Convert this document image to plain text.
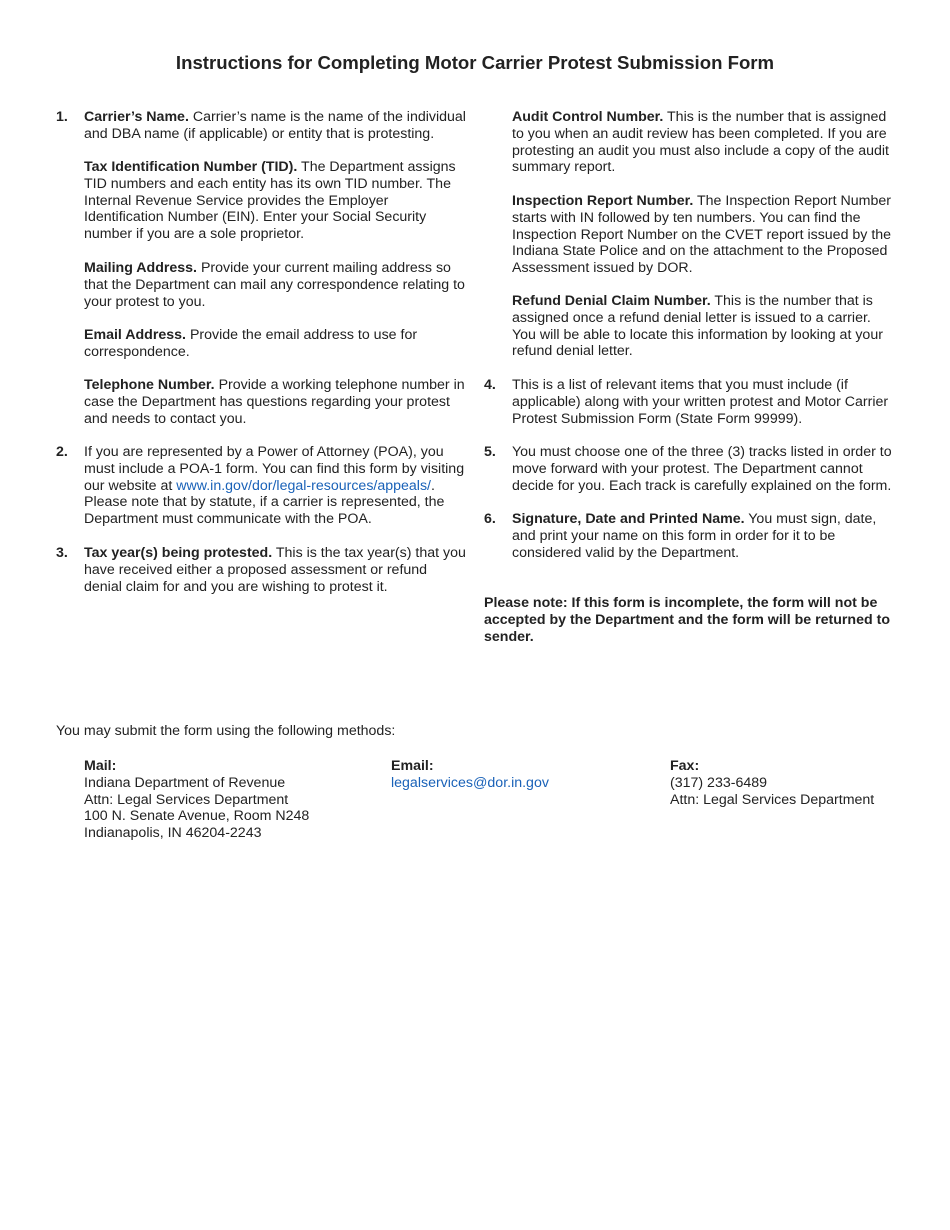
Instructions for Completing Motor Carrier Protest Submission Form
1. Carrier’s Name. Carrier’s name is the name of the individual and DBA name (if applicable) or entity that is protesting.

Tax Identification Number (TID). The Department assigns TID numbers and each entity has its own TID number. The Internal Revenue Service provides the Employer Identification Number (EIN). Enter your Social Security number if you are a sole proprietor.

Mailing Address. Provide your current mailing address so that the Department can mail any correspondence relating to your protest to you.

Email Address. Provide the email address to use for correspondence.

Telephone Number. Provide a working telephone number in case the Department has questions regarding your protest and needs to contact you.

2. If you are represented by a Power of Attorney (POA), you must include a POA-1 form. You can find this form by visiting our website at www.in.gov/dor/legal-resources/appeals/. Please note that by statute, if a carrier is represented, the Department must communicate with the POA.

3. Tax year(s) being protested. This is the tax year(s) that you have received either a proposed assessment or refund denial claim for and you are wishing to protest it.

Audit Control Number. This is the number that is assigned to you when an audit review has been completed. If you are protesting an audit you must also include a copy of the audit summary report.

Inspection Report Number. The Inspection Report Number starts with IN followed by ten numbers. You can find the Inspection Report Number on the CVET report issued by the Indiana State Police and on the attachment to the Proposed Assessment issued by DOR.

Refund Denial Claim Number. This is the number that is assigned once a refund denial letter is issued to a carrier. You will be able to locate this information by looking at your refund denial letter.

4. This is a list of relevant items that you must include (if applicable) along with your written protest and Motor Carrier Protest Submission Form (State Form 99999).

5. You must choose one of the three (3) tracks listed in order to move forward with your protest. The Department cannot decide for you. Each track is carefully explained on the form.

6. Signature, Date and Printed Name. You must sign, date, and print your name on this form in order for it to be considered valid by the Department.

Please note: If this form is incomplete, the form will not be accepted by the Department and the form will be returned to sender.

You may submit the form using the following methods:

Mail:
Indiana Department of Revenue
Attn: Legal Services Department
100 N. Senate Avenue, Room N248
Indianapolis, IN 46204-2243
Email:
legalservices@dor.in.gov
Fax:
(317) 233-6489
Attn: Legal Services Department
